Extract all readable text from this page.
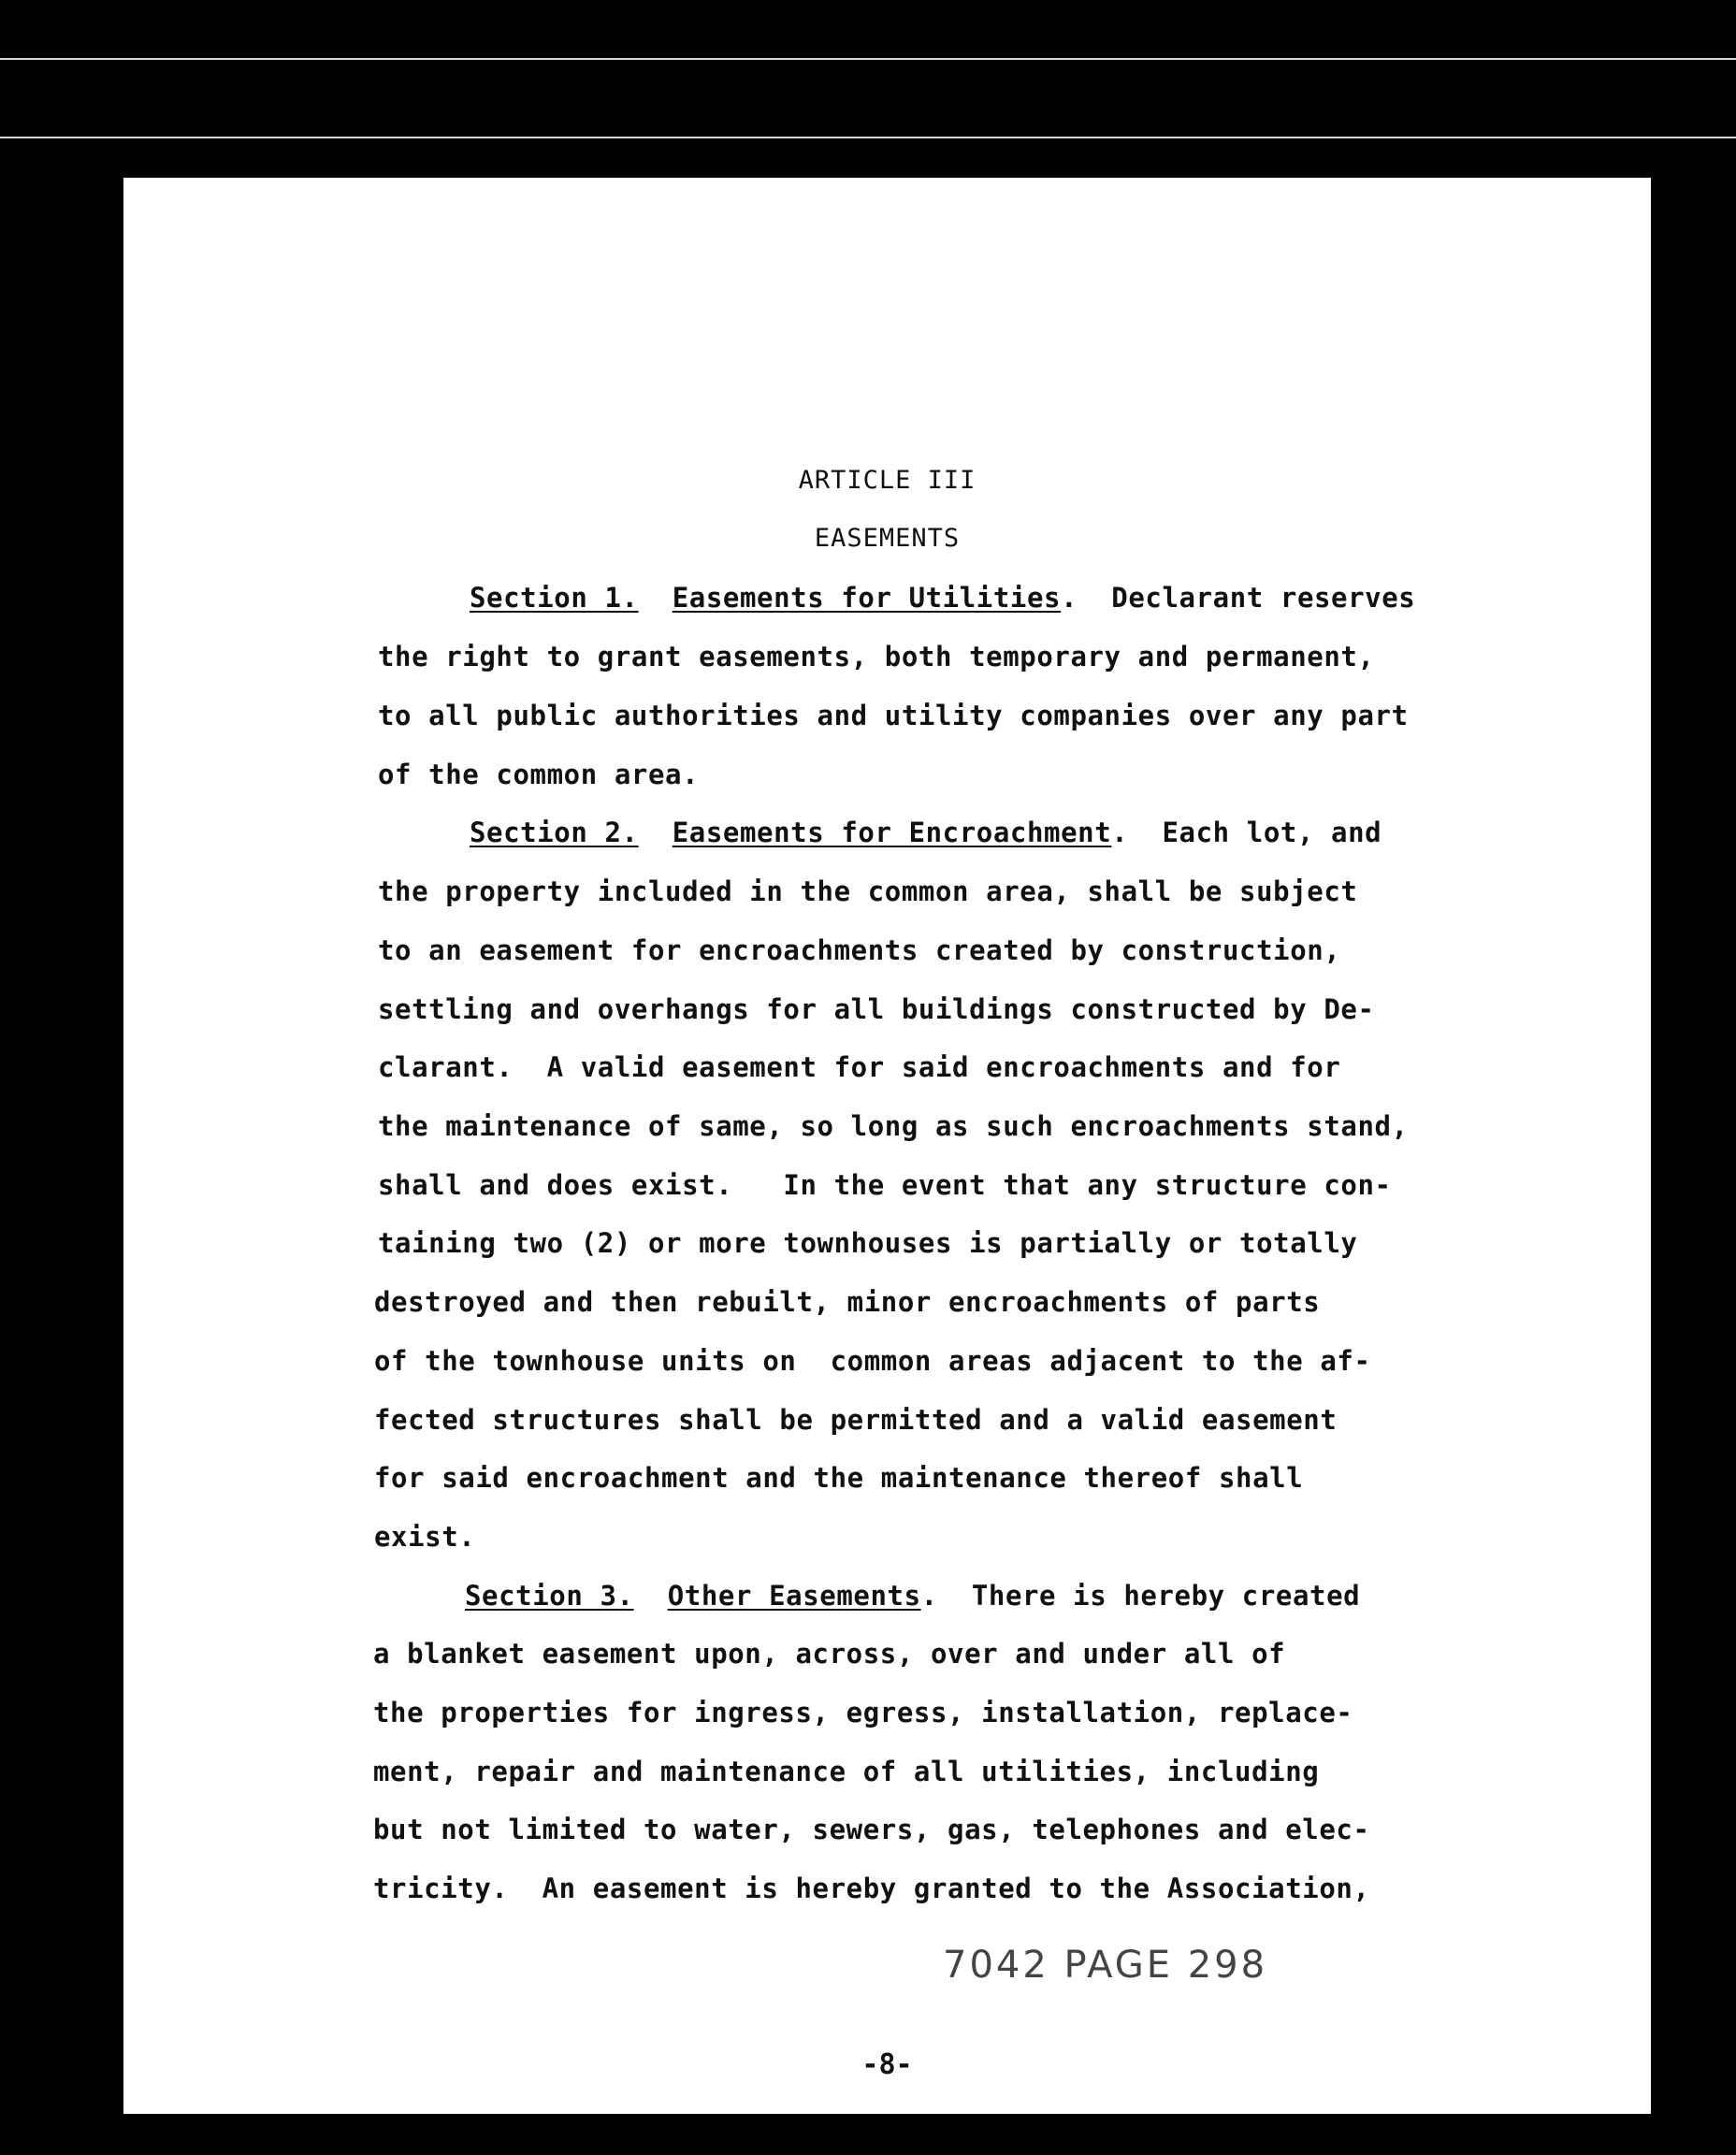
ARTICLE III
EASEMENTS
Section 1. Easements for Utilities.  Declarant reserves
the right to grant easements, both temporary and permanent,
to all public authorities and utility companies over any part
of the common area.
Section 2. Easements for Encroachment.  Each lot, and
the property included in the common area, shall be subject
to an easement for encroachments created by construction,
settling and overhangs for all buildings constructed by De-
clarant.  A valid easement for said encroachments and for
the maintenance of same, so long as such encroachments stand,
shall and does exist.   In the event that any structure con-
taining two (2) or more townhouses is partially or totally
destroyed and then rebuilt, minor encroachments of parts
of the townhouse units on  common areas adjacent to the af-
fected structures shall be permitted and a valid easement
for said encroachment and the maintenance thereof shall
exist.
Section 3. Other Easements.  There is hereby created
a blanket easement upon, across, over and under all of
the properties for ingress, egress, installation, replace-
ment, repair and maintenance of all utilities, including
but not limited to water, sewers, gas, telephones and elec-
tricity.  An easement is hereby granted to the Association,
7042 PAGE 298
-8-
